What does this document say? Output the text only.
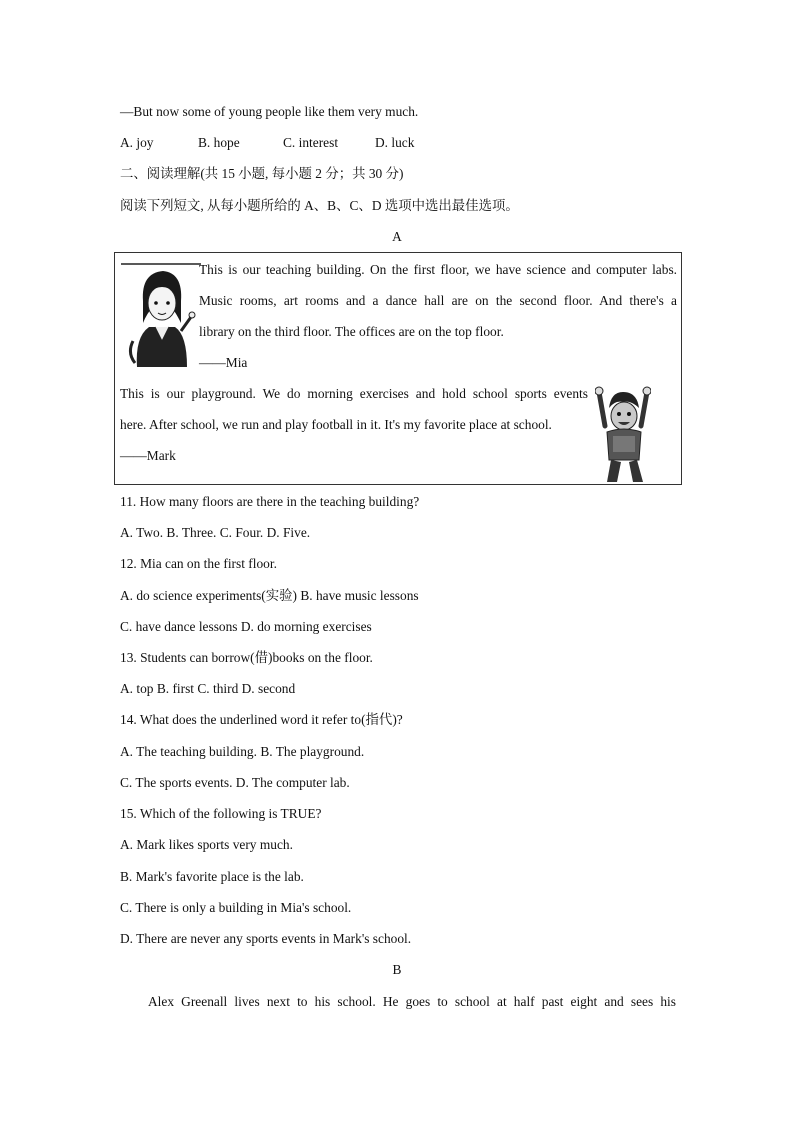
—But now some of young people like them very much.
A. joy	B. hope	C. interest	D. luck
二、阅读理解(共 15 小题, 每小题 2 分；共 30 分)
阅读下列短文, 从每小题所给的 A、B、C、D 选项中选出最佳选项。
A

This is our teaching building. On the first floor, we have science and computer labs.

Music rooms, art rooms and a dance hall are on the second floor. And there's a

library on the third floor. The offices are on the top floor.

——Mia

This is our playground. We do morning exercises and hold school sports events

here. After school, we run and play football in it. It's my favorite place at school.

——Mark

11. How many floors are there in the teaching building?
A. Two. B. Three. C. Four. D. Five.
12. Mia can on the first floor.
A. do science experiments(实验) B. have music lessons
C. have dance lessons D. do morning exercises
13. Students can borrow(借)books on the floor.
A. top B. first C. third D. second
14. What does the underlined word it refer to(指代)?
A. The teaching building. B. The playground.
C. The sports events. D. The computer lab.
15. Which of the following is TRUE?
A. Mark likes sports very much.
B. Mark's favorite place is the lab.
C. There is only a building in Mia's school.
D. There are never any sports events in Mark's school.
B
Alex Greenall lives next to his school. He goes to school at half past eight and sees his
